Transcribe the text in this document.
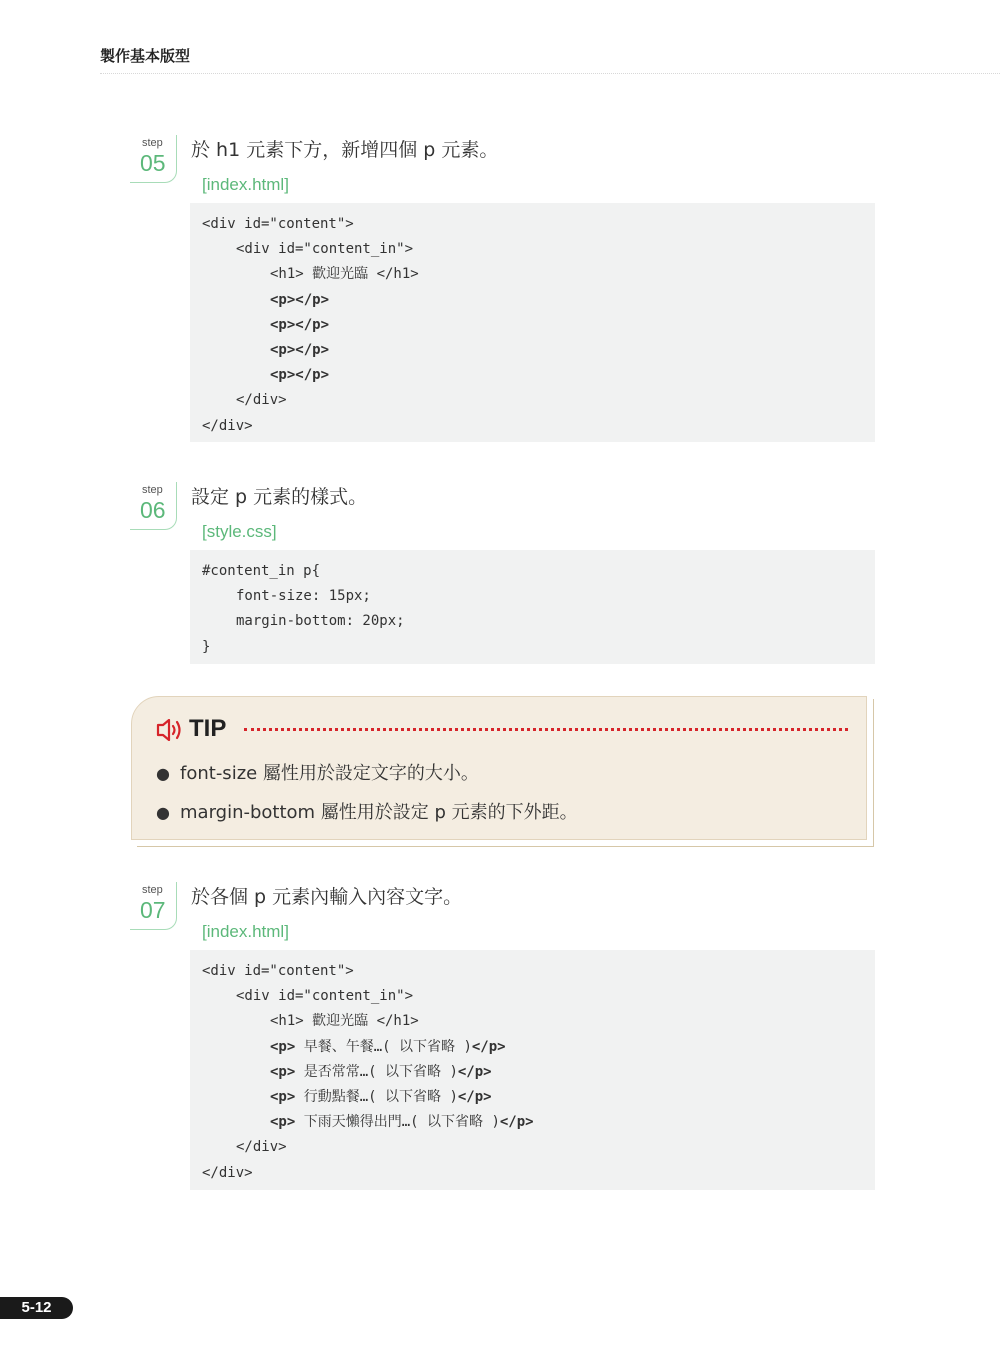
製作基本版型
step
05 於 h1 元素下方，新增四個 p 元素。
[index.html]
<div id="content">
<div id="content_in">
<h1> 歡迎光臨 </h1>
<p></p>
<p></p>
<p></p>
<p></p>
</div>
</div>
step
06 設定 p 元素的樣式。
[style.css]
#content_in p{
font-size: 15px;
margin-bottom: 20px;
}
TIP
● font-size 屬性用於設定文字的大小。
● margin-bottom 屬性用於設定 p 元素的下外距。
step
07 於各個 p 元素內輸入內容文字。
[index.html]
<div id="content">
<div id="content_in">
<h1> 歡迎光臨 </h1>
<p> 早餐、午餐…( 以下省略 )</p>
<p> 是否常常…( 以下省略 )</p>
<p> 行動點餐…( 以下省略 )</p>
<p> 下雨天懶得出門…( 以下省略 )</p>
</div>
</div>
5-12
